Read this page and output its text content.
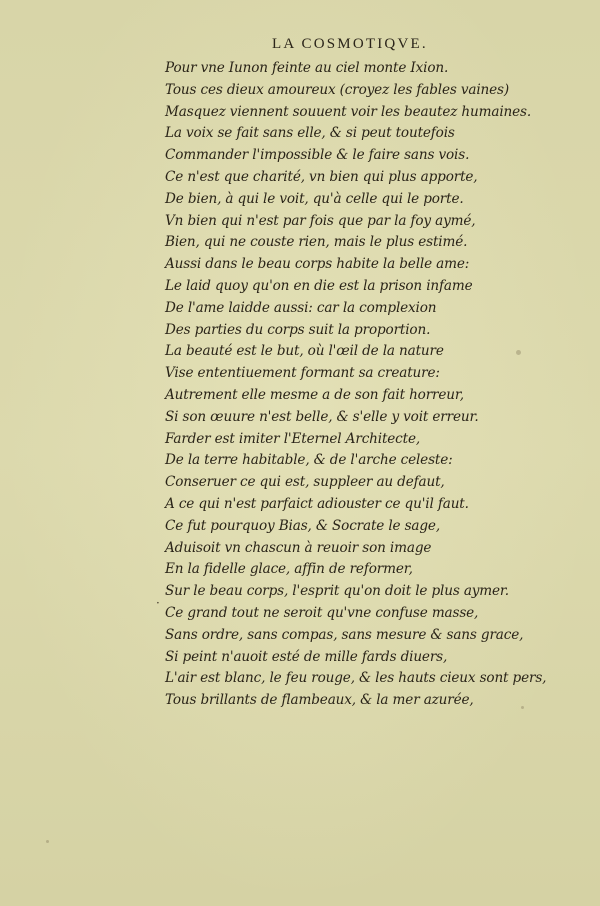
LA COSMOTIQVE.
Pour vne Iunon feinte au ciel monte Ixion.
Tous ces dieux amoureux (croyez les fables vaines)
Masquez viennent souuent voir les beautez humaines.
La voix se fait sans elle, & si peut toutefois
Commander l'impossible & le faire sans vois.
Ce n'est que charité, vn bien qui plus apporte,
De bien, à qui le voit, qu'à celle qui le porte.
Vn bien qui n'est par fois que par la foy aymé,
Bien, qui ne couste rien, mais le plus estimé.
Aussi dans le beau corps habite la belle ame:
Le laid quoy qu'on en die est la prison infame
De l'ame laidde aussi: car la complexion
Des parties du corps suit la proportion.
La beauté est le but, où l'œil de la nature
Vise ententiuement formant sa creature:
Autrement elle mesme a de son fait horreur,
Si son œuure n'est belle, & s'elle y voit erreur.
Farder est imiter l'Eternel Architecte,
De la terre habitable, & de l'arche celeste:
Conseruer ce qui est, suppleer au defaut,
A ce qui n'est parfaict adiouster ce qu'il faut.
Ce fut pourquoy Bias, & Socrate le sage,
Aduisoit vn chascun à reuoir son image
En la fidelle glace, affin de reformer,
Sur le beau corps, l'esprit qu'on doit le plus aymer.
Ce grand tout ne seroit qu'vne confuse masse,
Sans ordre, sans compas, sans mesure & sans grace,
Si peint n'auoit esté de mille fards diuers,
L'air est blanc, le feu rouge, & les hauts cieux sont pers,
Tous brillants de flambeaux, & la mer azurée,
·
